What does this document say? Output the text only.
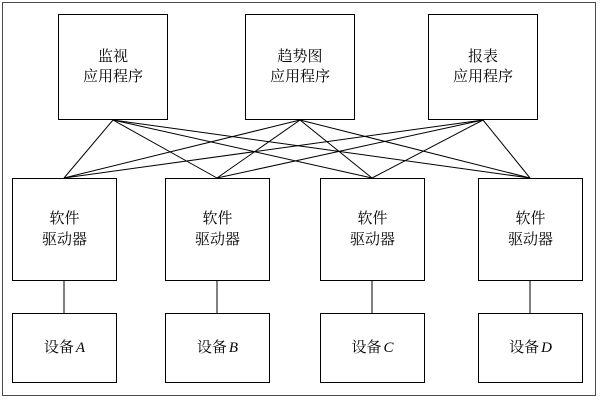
监视
应用程序
趋势图
应用程序
报表
应用程序
软件
驱动器
软件
驱动器
软件
驱动器
软件
驱动器
设备 A	设备 B	设备 C	设备 D
